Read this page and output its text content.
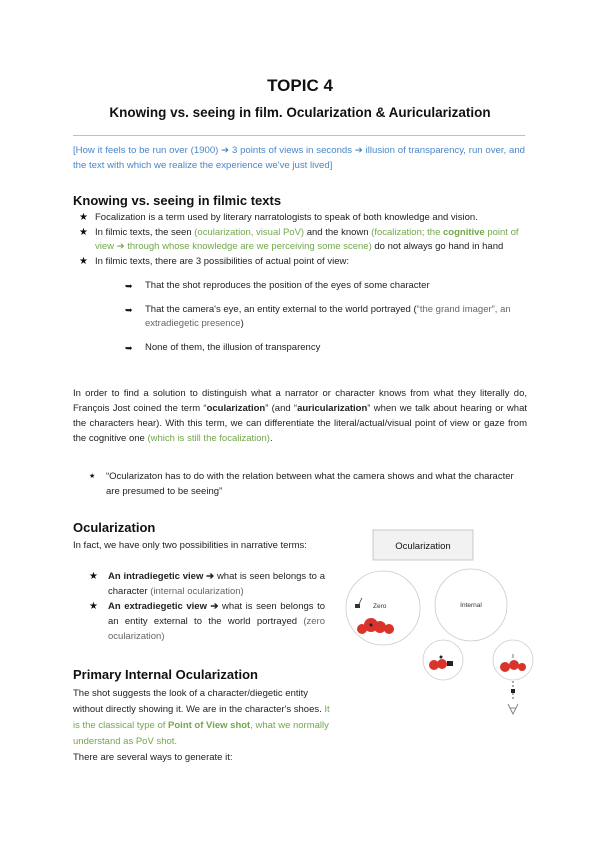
TOPIC 4
Knowing vs. seeing in film. Ocularization & Auricularization
[How it feels to be run over (1900) ➔ 3 points of views in seconds ➔ illusion of transparency, run over, and the text with which we realize the experience we've just lived]
Knowing vs. seeing in filmic texts

★ Focalization is a term used by literary narratologists to speak of both knowledge and vision.

★ In filmic texts, the seen (ocularization, visual PoV) and the known (focalization; the cognitive point of view ➔ through whose knowledge are we perceiving some scene) do not always go hand in hand

★ In filmic texts, there are 3 possibilities of actual point of view:

➥ That the shot reproduces the position of the eyes of some character

➥ That the camera's eye, an entity external to the world portrayed (“the grand imager”, an extradiegetic presence)

➥ None of them, the illusion of transparency

In order to find a solution to distinguish what a narrator or character knows from what they literally do, François Jost coined the term “ocularization” (and “auricularization” when we talk about hearing or what the characters hear). With this term, we can differentiate the literal/actual/visual point of view or gaze from the cognitive one (which is still the focalization).

★ “Ocularizaton has to do with the relation between what the camera shows and what the character are presumed to be seeing”

Ocularization
In fact, we have only two possibilities in narrative terms:

★ An intradiegetic view ➔ what is seen belongs to a character (internal ocularization)

★ An extradiegetic view ➔ what is seen belongs to an entity external to the world portrayed (zero ocularization)

Primary Internal Ocularization
The shot suggests the look of a character/diegetic entity without directly showing it. We are in the character's shoes. It is the classical type of Point of View shot, what we normally understand as PoV shot.
There are several ways to generate it:
Ocularization
Zero	Internal
